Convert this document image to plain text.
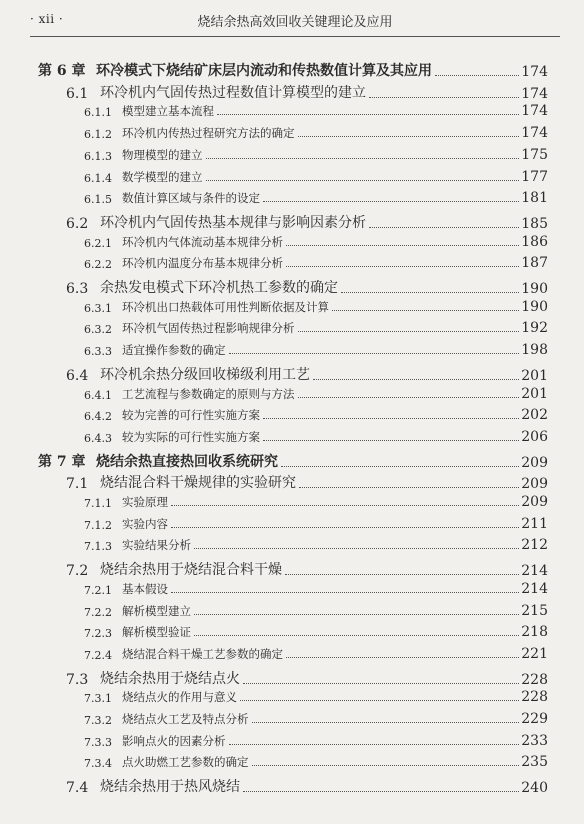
· xii ·	烧结余热高效回收关键理论及应用
第 6 章 环冷模式下烧结矿床层内流动和传热数值计算及其应用	174
6.1 环冷机内气固传热过程数值计算模型的建立	174
6.1.1 模型建立基本流程	174
6.1.2 环冷机内传热过程研究方法的确定	174
6.1.3 物理模型的建立	175
6.1.4 数学模型的建立	177
6.1.5 数值计算区域与条件的设定	181
6.2 环冷机内气固传热基本规律与影响因素分析	185
6.2.1 环冷机内气体流动基本规律分析	186
6.2.2 环冷机内温度分布基本规律分析	187
6.3 余热发电模式下环冷机热工参数的确定	190
6.3.1 环冷机出口热载体可用性判断依据及计算	190
6.3.2 环冷机气固传热过程影响规律分析	192
6.3.3 适宜操作参数的确定	198
6.4 环冷机余热分级回收梯级利用工艺	201
6.4.1 工艺流程与参数确定的原则与方法	201
6.4.2 较为完善的可行性实施方案	202
6.4.3 较为实际的可行性实施方案	206
第 7 章 烧结余热直接热回收系统研究	209
7.1 烧结混合料干燥规律的实验研究	209
7.1.1 实验原理	209
7.1.2 实验内容	211
7.1.3 实验结果分析	212
7.2 烧结余热用于烧结混合料干燥	214
7.2.1 基本假设	214
7.2.2 解析模型建立	215
7.2.3 解析模型验证	218
7.2.4 烧结混合料干燥工艺参数的确定	221
7.3 烧结余热用于烧结点火	228
7.3.1 烧结点火的作用与意义	228
7.3.2 烧结点火工艺及特点分析	229
7.3.3 影响点火的因素分析	233
7.3.4 点火助燃工艺参数的确定	235
7.4 烧结余热用于热风烧结	240
